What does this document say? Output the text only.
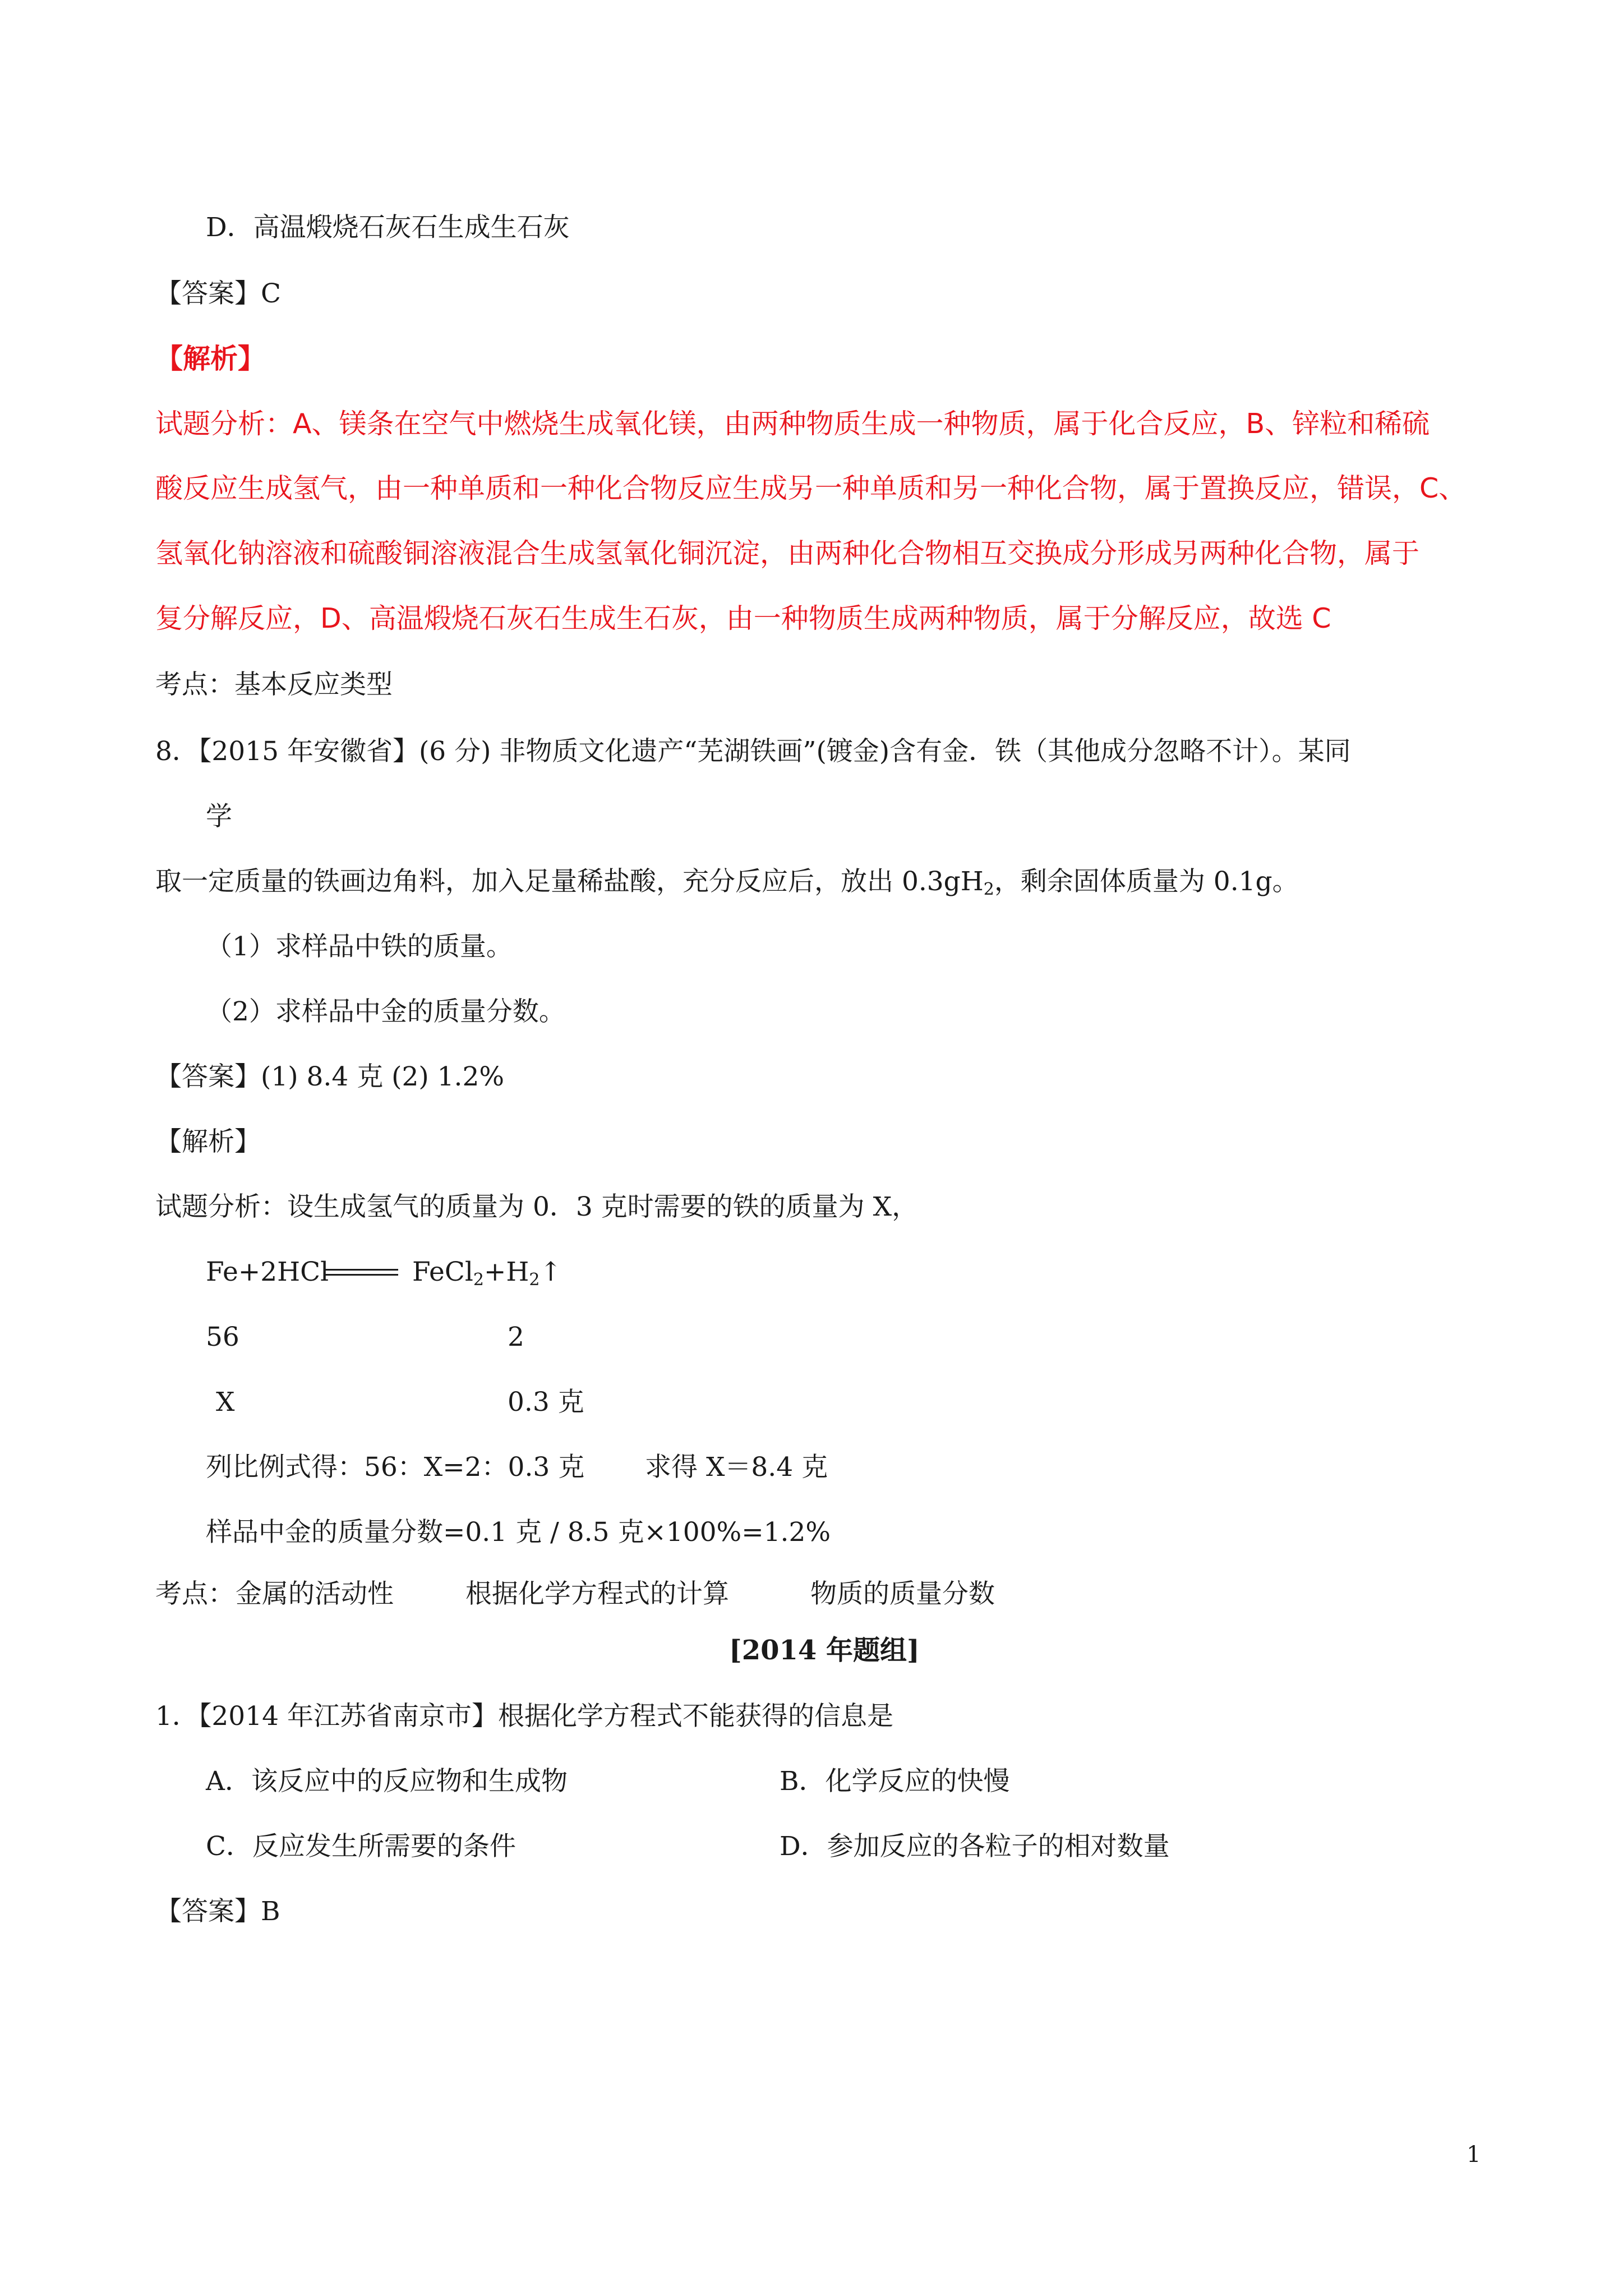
D．高温煅烧石灰石生成生石灰
【答案】C
【解析】
试题分析：A、镁条在空气中燃烧生成氧化镁，由两种物质生成一种物质，属于化合反应，B、锌粒和稀硫
酸反应生成氢气，由一种单质和一种化合物反应生成另一种单质和另一种化合物，属于置换反应，错误，C、
氢氧化钠溶液和硫酸铜溶液混合生成氢氧化铜沉淀，由两种化合物相互交换成分形成另两种化合物，属于
复分解反应，D、高温煅烧石灰石生成生石灰，由一种物质生成两种物质，属于分解反应，故选 C
考点：基本反应类型
8．【2015 年安徽省】(6 分) 非物质文化遗产“芜湖铁画”(镀金)含有金．铁（其他成分忽略不计）。某同
学
取一定质量的铁画边角料，加入足量稀盐酸，充分反应后，放出 $0.3gH_2$，剩余固体质量为 0.1g。
（1）求样品中铁的质量。
（2）求样品中金的质量分数。
【答案】(1) 8.4 克 (2) 1.2%
【解析】
试题分析：设生成氢气的质量为 0．3 克时需要的铁的质量为 X，
Fe+2HCl	$FeCl_2+H_2↑$
56	2
X	0.3 克
列比例式得：56：X=2：0.3 克 求得 X＝8.4 克
样品中金的质量分数=0.1 克 / 8.5 克×100%=1.2%
考点： 金属的活动性	根据化学方程式的计算	物质的质量分数
[2014 年题组]
1．【2014 年江苏省南京市】根据化学方程式不能获得的信息是
A．该反应中的反应物和生成物	B．化学反应的快慢
C．反应发生所需要的条件	D．参加反应的各粒子的相对数量
【答案】B
1
